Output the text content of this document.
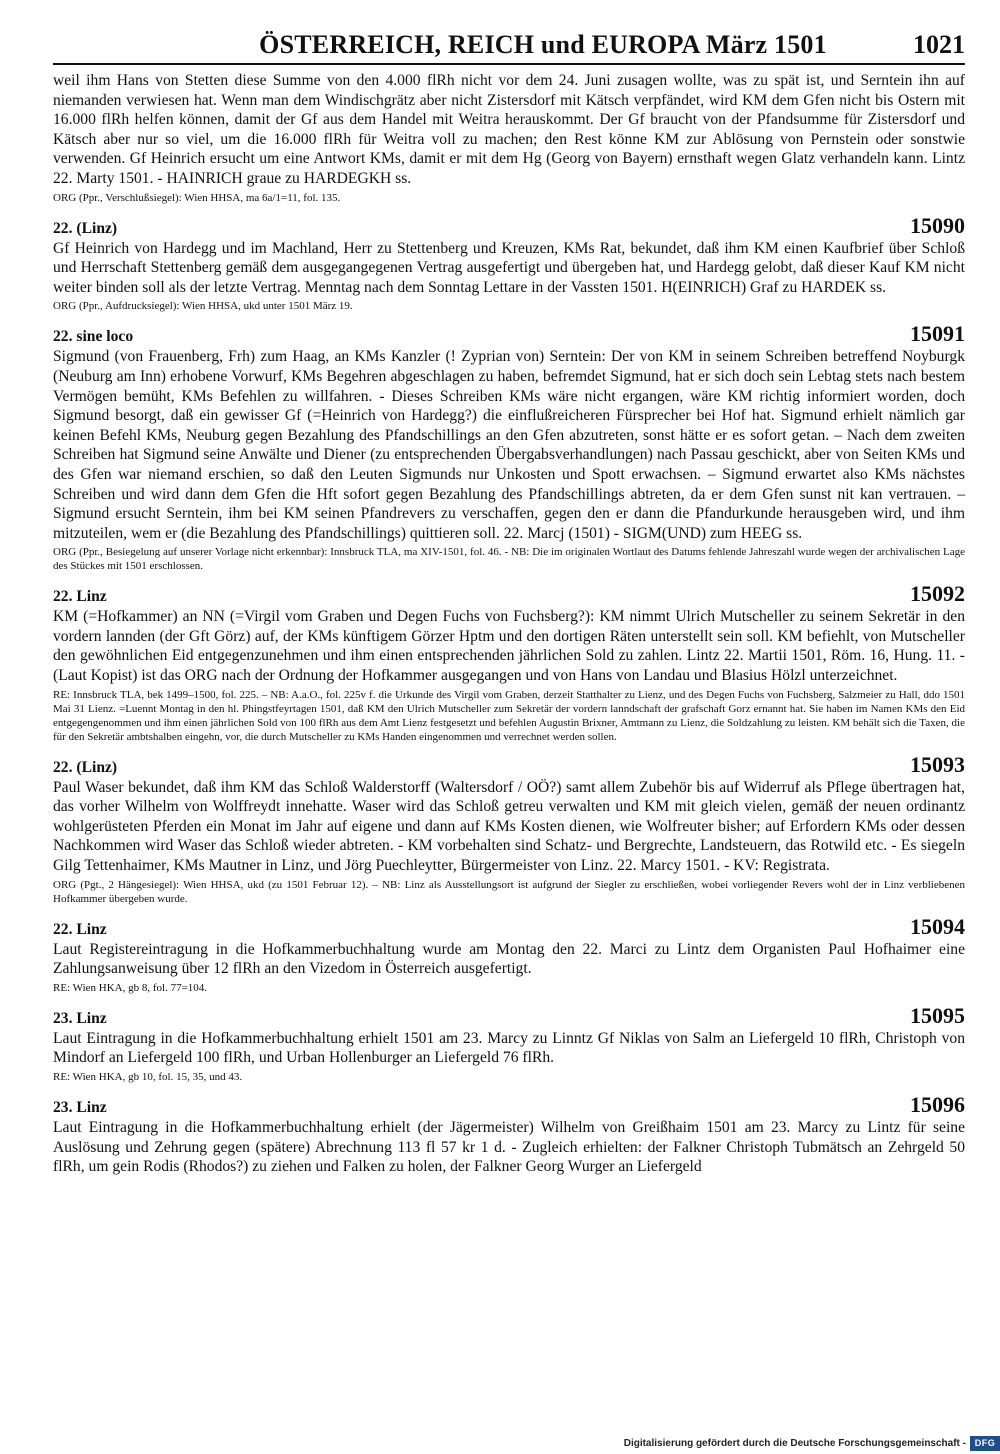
ÖSTERREICH, REICH und EUROPA März 1501	1021
weil ihm Hans von Stetten diese Summe von den 4.000 flRh nicht vor dem 24. Juni zusagen wollte, was zu spät ist, und Serntein ihn auf niemanden verwiesen hat. Wenn man dem Windischgrätz aber nicht Zistersdorf mit Kätsch verpfändet, wird KM dem Gfen nicht bis Ostern mit 16.000 flRh helfen können, damit der Gf aus dem Handel mit Weitra herauskommt. Der Gf braucht von der Pfandsumme für Zistersdorf und Kätsch aber nur so viel, um die 16.000 flRh für Weitra voll zu machen; den Rest könne KM zur Ablösung von Pernstein oder sonstwie verwenden. Gf Heinrich ersucht um eine Antwort KMs, damit er mit dem Hg (Georg von Bayern) ernsthaft wegen Glatz verhandeln kann. Lintz 22. Marty 1501. - HAINRICH graue zu HARDEGKH ss.
ORG (Ppr., Verschlußsiegel): Wien HHSA, ma 6a/1=11, fol. 135.
22. (Linz)	15090
Gf Heinrich von Hardegg und im Machland, Herr zu Stettenberg und Kreuzen, KMs Rat, bekundet, daß ihm KM einen Kaufbrief über Schloß und Herrschaft Stettenberg gemäß dem ausgegangegenen Vertrag ausgefertigt und übergeben hat, und Hardegg gelobt, daß dieser Kauf KM nicht weiter binden soll als der letzte Vertrag. Menntag nach dem Sonntag Lettare in der Vassten 1501. H(EINRICH) Graf zu HARDEK ss.
ORG (Ppr., Aufdrucksiegel): Wien HHSA, ukd unter 1501 März 19.
22. sine loco	15091
Sigmund (von Frauenberg, Frh) zum Haag, an KMs Kanzler (! Zyprian von) Serntein: Der von KM in seinem Schreiben betreffend Noyburgk (Neuburg am Inn) erhobene Vorwurf, KMs Begehren abgeschlagen zu haben, befremdet Sigmund, hat er sich doch sein Lebtag stets nach bestem Vermögen bemüht, KMs Befehlen zu willfahren. - Dieses Schreiben KMs wäre nicht ergangen, wäre KM richtig informiert worden, doch Sigmund besorgt, daß ein gewisser Gf (=Heinrich von Hardegg?) die einflußreicheren Fürsprecher bei Hof hat. Sigmund erhielt nämlich gar keinen Befehl KMs, Neuburg gegen Bezahlung des Pfandschillings an den Gfen abzutreten, sonst hätte er es sofort getan. – Nach dem zweiten Schreiben hat Sigmund seine Anwälte und Diener (zu entsprechenden Übergabsverhandlungen) nach Passau geschickt, aber von Seiten KMs und des Gfen war niemand erschien, so daß den Leuten Sigmunds nur Unkosten und Spott erwachsen. – Sigmund erwartet also KMs nächstes Schreiben und wird dann dem Gfen die Hft sofort gegen Bezahlung des Pfandschillings abtreten, da er dem Gfen sunst nit kan vertrauen. – Sigmund ersucht Serntein, ihm bei KM seinen Pfandrevers zu verschaffen, gegen den er dann die Pfandurkunde herausgeben wird, und ihm mitzuteilen, wem er (die Bezahlung des Pfandschillings) quittieren soll. 22. Marcj (1501) - SIGM(UND) zum HEEG ss.
ORG (Ppr., Besiegelung auf unserer Vorlage nicht erkennbar): Innsbruck TLA, ma XIV-1501, fol. 46. - NB: Die im originalen Wortlaut des Datums fehlende Jahreszahl wurde wegen der archivalischen Lage des Stückes mit 1501 erschlossen.
22. Linz	15092
KM (=Hofkammer) an NN (=Virgil vom Graben und Degen Fuchs von Fuchsberg?): KM nimmt Ulrich Mutscheller zu seinem Sekretär in den vordern lannden (der Gft Görz) auf, der KMs künftigem Görzer Hptm und den dortigen Räten unterstellt sein soll. KM befiehlt, von Mutscheller den gewöhnlichen Eid entgegenzunehmen und ihm einen entsprechenden jährlichen Sold zu zahlen. Lintz 22. Martii 1501, Röm. 16, Hung. 11. - (Laut Kopist) ist das ORG nach der Ordnung der Hofkammer ausgegangen und von Hans von Landau und Blasius Hölzl unterzeichnet.
RE: Innsbruck TLA, bek 1499–1500, fol. 225. – NB: A.a.O., fol. 225v f. die Urkunde des Virgil vom Graben, derzeit Statthalter zu Lienz, und des Degen Fuchs von Fuchsberg, Salzmeier zu Hall, ddo 1501 Mai 31 Lienz. =Luennt Montag in den hl. Phingstfeyrtagen 1501, daß KM den Ulrich Mutscheller zum Sekretär der vordern lanndschaft der grafschaft Gorz ernannt hat. Sie haben im Namen KMs den Eid entgegengenommen und ihm einen jährlichen Sold von 100 flRh aus dem Amt Lienz festgesetzt und befehlen Augustin Brixner, Amtmann zu Lienz, die Soldzahlung zu leisten. KM behält sich die Taxen, die für den Sekretär ambtshalben eingehn, vor, die durch Mutscheller zu KMs Handen eingenommen und verrechnet werden sollen.
22. (Linz)	15093
Paul Waser bekundet, daß ihm KM das Schloß Walderstorff (Waltersdorf / OÖ?) samt allem Zubehör bis auf Widerruf als Pflege übertragen hat, das vorher Wilhelm von Wolffreydt innehatte. Waser wird das Schloß getreu verwalten und KM mit gleich vielen, gemäß der neuen ordinantz wohlgerüsteten Pferden ein Monat im Jahr auf eigene und dann auf KMs Kosten dienen, wie Wolfreuter bisher; auf Erfordern KMs oder dessen Nachkommen wird Waser das Schloß wieder abtreten. - KM vorbehalten sind Schatz- und Bergrechte, Landsteuern, das Rotwild etc. - Es siegeln Gilg Tettenhaimer, KMs Mautner in Linz, und Jörg Puechleytter, Bürgermeister von Linz. 22. Marcy 1501. - KV: Registrata.
ORG (Pgt., 2 Hängesiegel): Wien HHSA, ukd (zu 1501 Februar 12). – NB: Linz als Ausstellungsort ist aufgrund der Siegler zu erschließen, wobei vorliegender Revers wohl der in Linz verbliebenen Hofkammer übergeben wurde.
22. Linz	15094
Laut Registereintragung in die Hofkammerbuchhaltung wurde am Montag den 22. Marci zu Lintz dem Organisten Paul Hofhaimer eine Zahlungsanweisung über 12 flRh an den Vizedom in Österreich ausgefertigt.
RE: Wien HKA, gb 8, fol. 77=104.
23. Linz	15095
Laut Eintragung in die Hofkammerbuchhaltung erhielt 1501 am 23. Marcy zu Linntz Gf Niklas von Salm an Liefergeld 10 flRh, Christoph von Mindorf an Liefergeld 100 flRh, und Urban Hollenburger an Liefergeld 76 flRh.
RE: Wien HKA, gb 10, fol. 15, 35, und 43.
23. Linz	15096
Laut Eintragung in die Hofkammerbuchhaltung erhielt (der Jägermeister) Wilhelm von Greißhaim 1501 am 23. Marcy zu Lintz für seine Auslösung und Zehrung gegen (spätere) Abrechnung 113 fl 57 kr 1 d. - Zugleich erhielten: der Falkner Christoph Tubmätsch an Zehrgeld 50 flRh, um gein Rodis (Rhodos?) zu ziehen und Falken zu holen, der Falkner Georg Wurger an Liefergeld
Digitalisierung gefördert durch die Deutsche Forschungsgemeinschaft - DFG
